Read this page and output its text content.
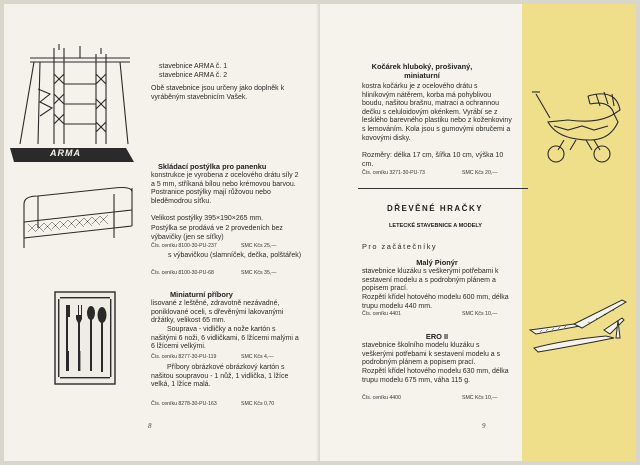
ARMA
stavebnice ARMA č. 1
stavebnice ARMA č. 2
Obě stavebnice jsou určeny jako doplněk k vyráběným stavebnicím Vašek.
Skládací postýlka pro panenku
konstrukce je vyrobena z ocelového drátu síly 2 a 5 mm, stříkaná bílou nebo krémovou barvou. Postranice postýlky mají růžovou nebo bleděmodrou síťku.
Velikost postýlky 395×190×265 mm.
Postýlka se prodává ve 2 provedeních bez výbavičky (jen se síťky)
Čís. ceníku 8100-30-PU-237	SMC Kčs 25,—
s výbavičkou (slamníček, dečka, polštářek)
Čís. ceníku 8100-30-PU-68	SMC Kčs 35,—
Miniaturní příbory
lisované z leštěné, zdravotně nezávadné, poniklované oceli, s dřevěnými lakovanými držátky, velikost 65 mm.
Souprava - vidličky a nože kartón s našitými 6 noži, 6 vidličkami, 6 lžícemi malými a 6 lžícemi velkými.
Čís. ceníku 8277-30-PU-119	SMC Kčs 4,—
Příbory obrázkové obrázkový kartón s našitou soupravou - 1 nůž, 1 vidlička, 1 lžíce velká, 1 lžíce malá.
Čís. ceníku 8278-30-PU-163	SMC Kčs 0,70
8
Kočárek hluboký, prošivaný, miniaturní
kostra kočárku je z ocelového drátu s hliníkovým nátěrem, korba má pohyblivou boudu, našitou brašnu, matraci a ochrannou dečku s celuloidovým okénkem. Vyrábí se z lesklého barevného plastiku nebo z koženkoviny s lemováním. Kola jsou s gumovými obručemi a kovovými disky.
Rozměry: délka 17 cm, šířka 10 cm, výška 10 cm.
Čís. ceníku 3271-30-PU-73	SMC Kčs 20,—
DŘEVĚNÉ HRAČKY
LETECKÉ STAVEBNICE A MODELY
Pro začátečníky
Malý Pionýr
stavebnice kluzáku s veškerými potřebami k sestavení modelu a s podrobným plánem a popisem prací.
Rozpětí křídel hotového modelu 600 mm, délka trupu modelu 440 mm.
Čís. ceníku 4401	SMC Kčs 10,—
ERO II
stavebnice školního modelu kluzáku s veškerými potřebami k sestavení modelu a s podrobným plánem a popisem prací.
Rozpětí křídel hotového modelu 630 mm, délka trupu modelu 675 mm, váha 115 g.
Čís. ceníku 4400	SMC Kčs 10,—
9
